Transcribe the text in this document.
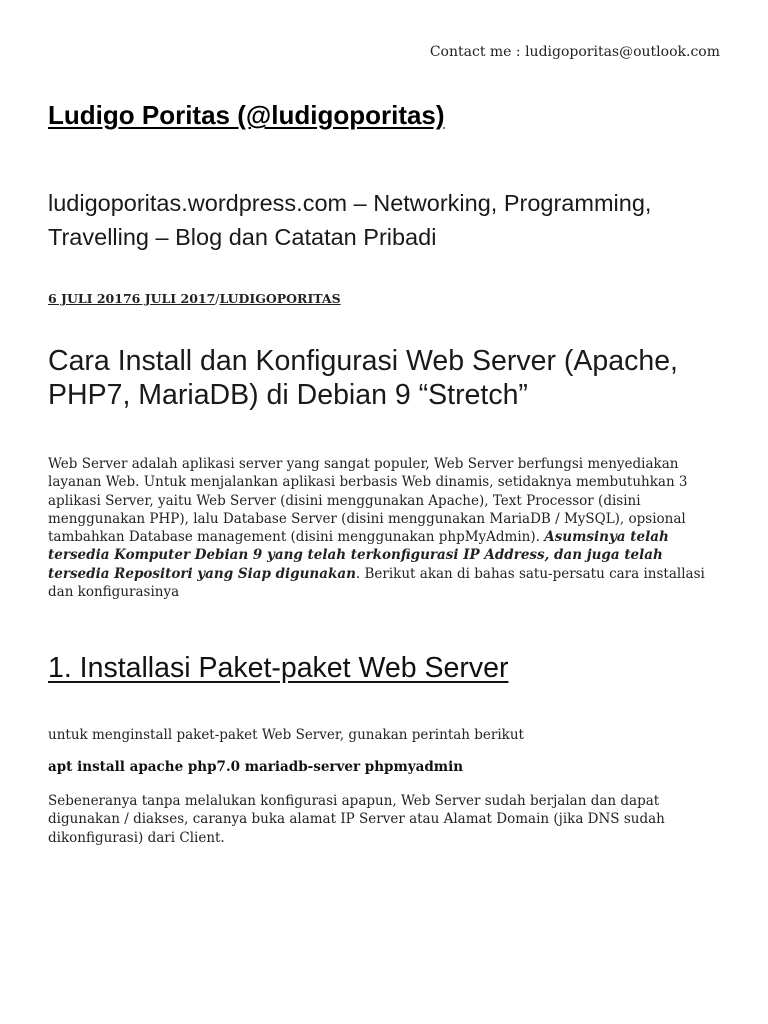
Contact me : ludigoporitas@outlook.com
Ludigo Poritas (@ludigoporitas)
ludigoporitas.wordpress.com – Networking, Programming, Travelling – Blog dan Catatan Pribadi
6 JULI 20176 JULI 2017/LUDIGOPORITAS
Cara Install dan Konfigurasi Web Server (Apache, PHP7, MariaDB) di Debian 9 “Stretch”
Web Server adalah aplikasi server yang sangat populer, Web Server berfungsi menyediakan layanan Web. Untuk menjalankan aplikasi berbasis Web dinamis, setidaknya membutuhkan 3 aplikasi Server, yaitu Web Server (disini menggunakan Apache), Text Processor (disini menggunakan PHP), lalu Database Server (disini menggunakan MariaDB / MySQL), opsional tambahkan Database management (disini menggunakan phpMyAdmin). Asumsinya telah tersedia Komputer Debian 9 yang telah terkonfigurasi IP Address, dan juga telah tersedia Repositori yang Siap digunakan. Berikut akan di bahas satu-persatu cara installasi dan konfigurasinya
1. Installasi Paket-paket Web Server
untuk menginstall paket-paket Web Server, gunakan perintah berikut
apt install apache php7.0 mariadb-server phpmyadmin
Sebeneranya tanpa melalukan konfigurasi apapun, Web Server sudah berjalan dan dapat digunakan / diakses, caranya buka alamat IP Server atau Alamat Domain (jika DNS sudah dikonfigurasi) dari Client.
